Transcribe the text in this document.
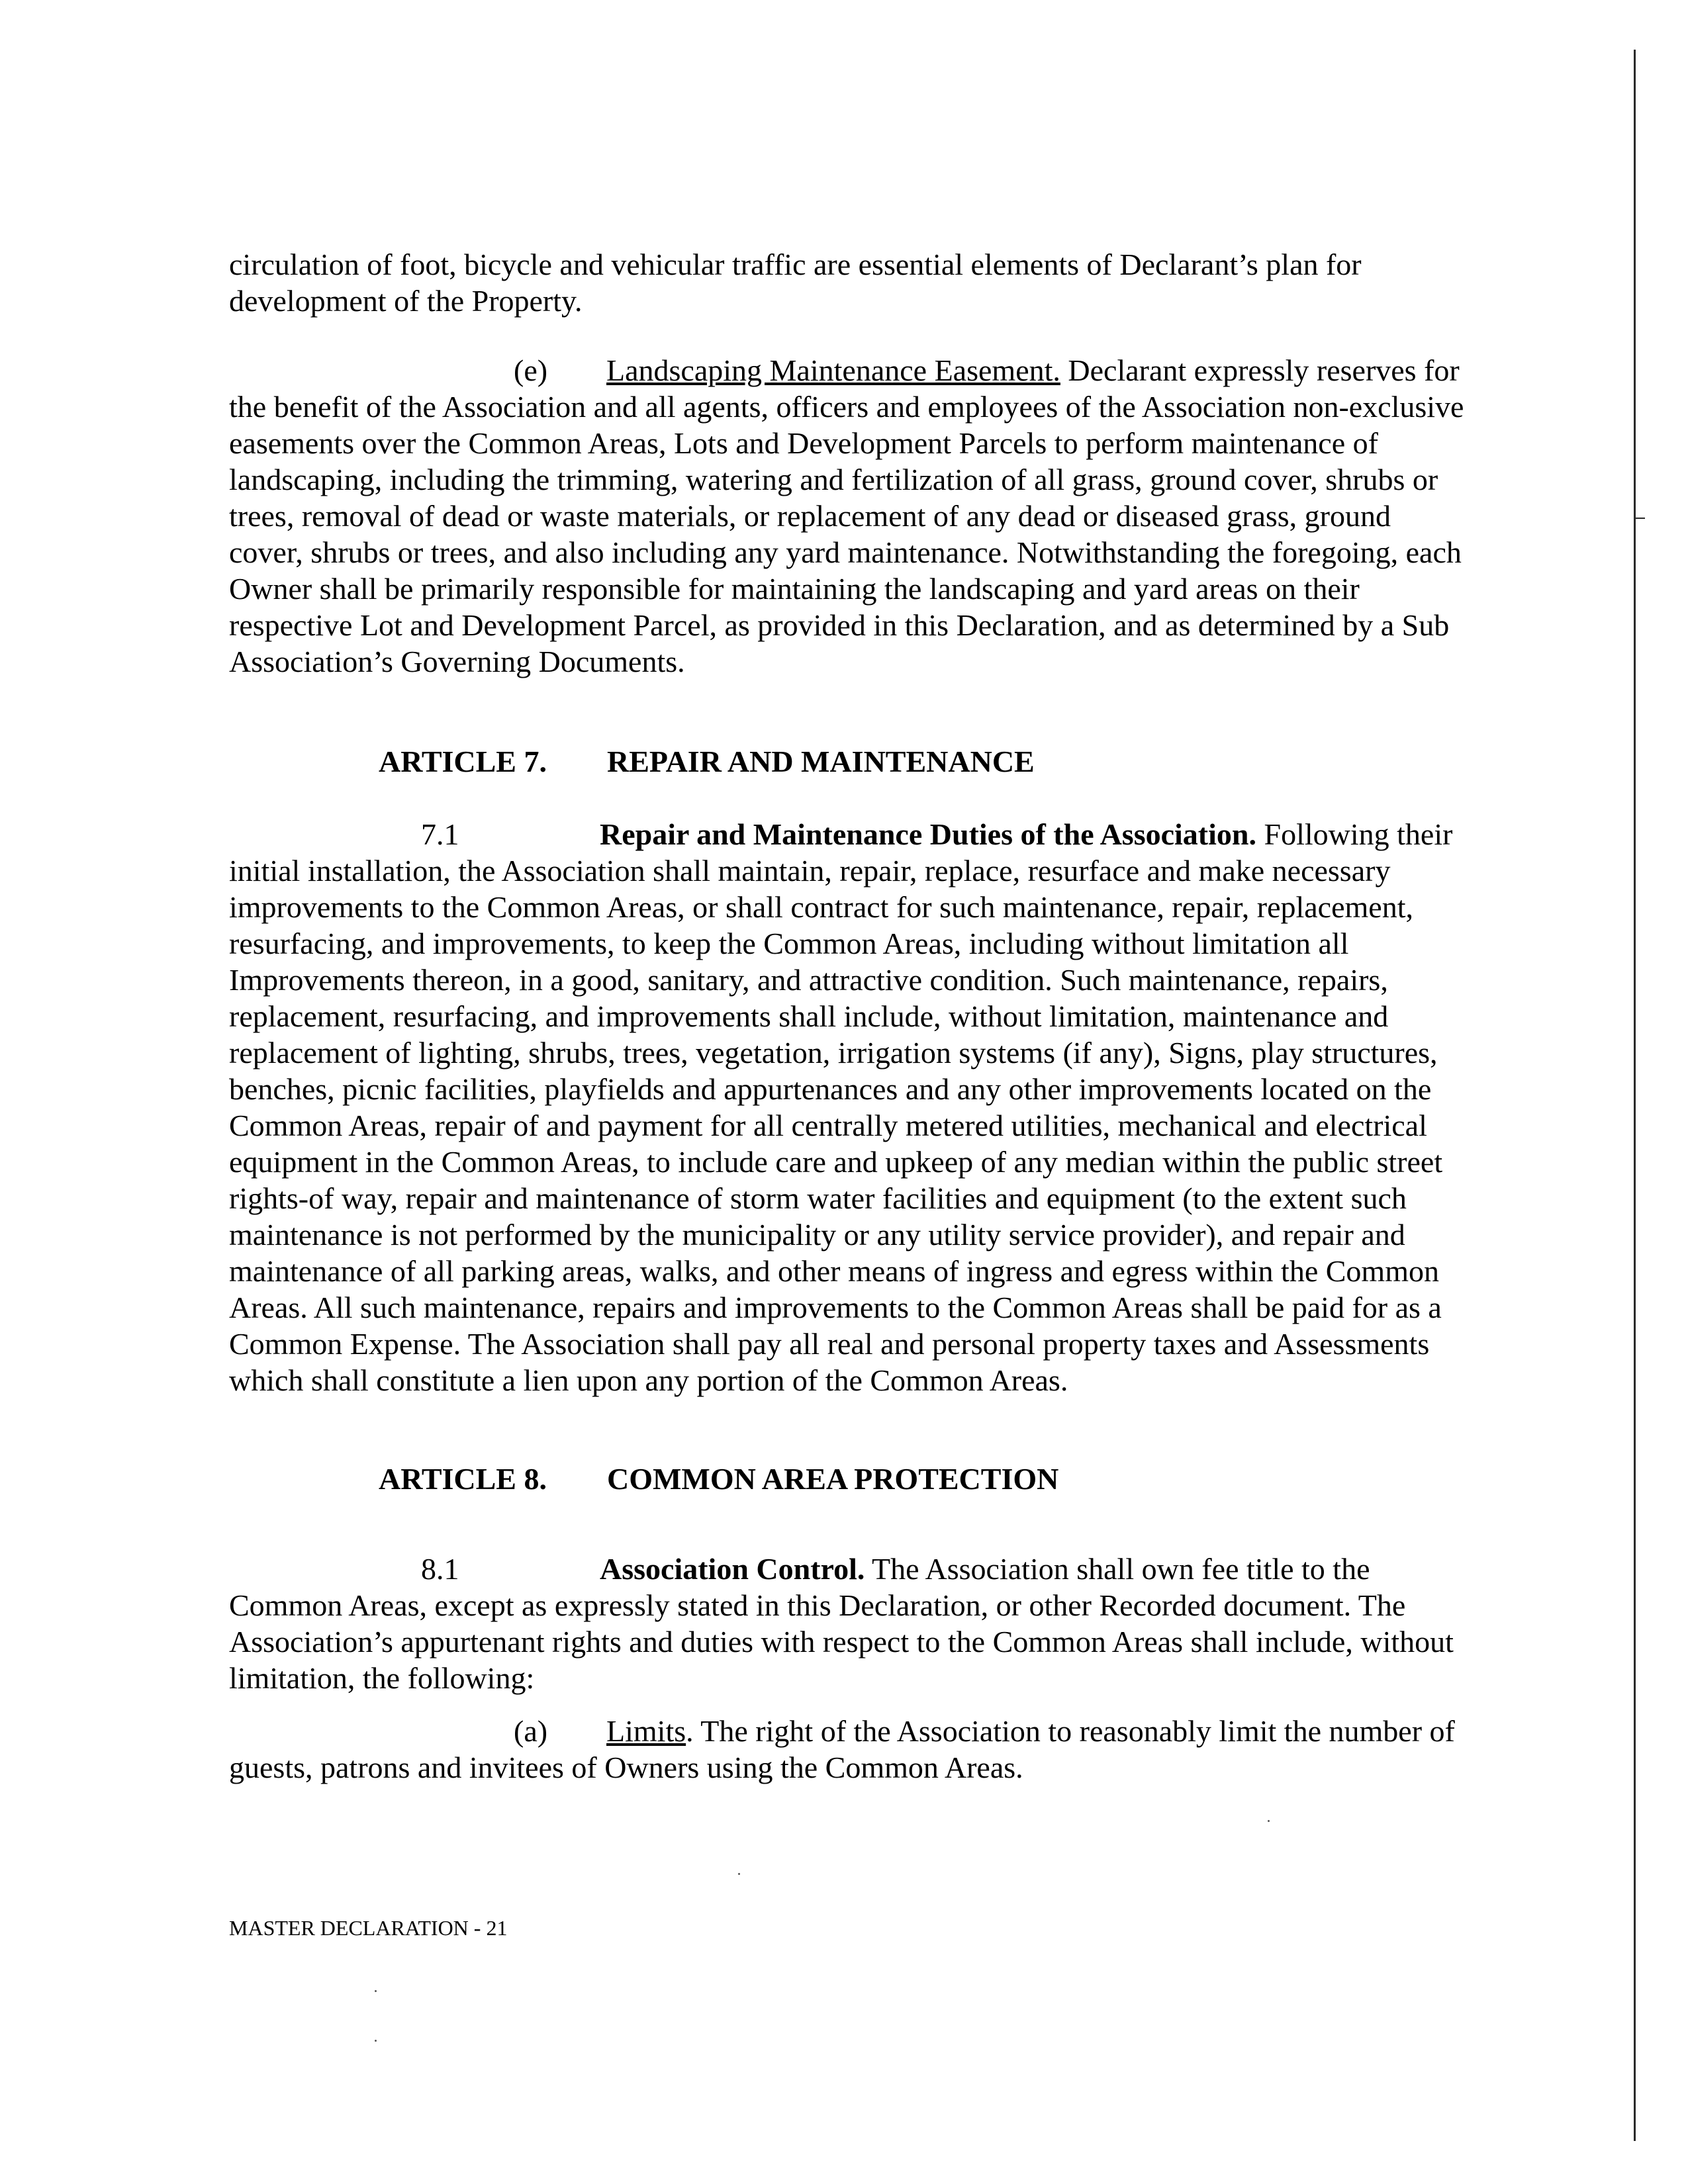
circulation of foot, bicycle and vehicular traffic are essential elements of Declarant’s plan for development of the Property.

(e) Landscaping Maintenance Easement. Declarant expressly reserves for the benefit of the Association and all agents, officers and employees of the Association non-exclusive easements over the Common Areas, Lots and Development Parcels to perform maintenance of landscaping, including the trimming, watering and fertilization of all grass, ground cover, shrubs or trees, removal of dead or waste materials, or replacement of any dead or diseased grass, ground cover, shrubs or trees, and also including any yard maintenance. Notwithstanding the foregoing, each Owner shall be primarily responsible for maintaining the landscaping and yard areas on their respective Lot and Development Parcel, as provided in this Declaration, and as determined by a Sub Association’s Governing Documents.

ARTICLE 7. REPAIR AND MAINTENANCE

7.1	Repair and Maintenance Duties of the Association. Following their initial installation, the Association shall maintain, repair, replace, resurface and make necessary improvements to the Common Areas, or shall contract for such maintenance, repair, replacement, resurfacing, and improvements, to keep the Common Areas, including without limitation all Improvements thereon, in a good, sanitary, and attractive condition. Such maintenance, repairs, replacement, resurfacing, and improvements shall include, without limitation, maintenance and replacement of lighting, shrubs, trees, vegetation, irrigation systems (if any), Signs, play structures, benches, picnic facilities, playfields and appurtenances and any other improvements located on the Common Areas, repair of and payment for all centrally metered utilities, mechanical and electrical equipment in the Common Areas, to include care and upkeep of any median within the public street rights-of way, repair and maintenance of storm water facilities and equipment (to the extent such maintenance is not performed by the municipality or any utility service provider), and repair and maintenance of all parking areas, walks, and other means of ingress and egress within the Common Areas. All such maintenance, repairs and improvements to the Common Areas shall be paid for as a Common Expense. The Association shall pay all real and personal property taxes and Assessments which shall constitute a lien upon any portion of the Common Areas.

ARTICLE 8. COMMON AREA PROTECTION

8.1	Association Control. The Association shall own fee title to the Common Areas, except as expressly stated in this Declaration, or other Recorded document. The Association’s appurtenant rights and duties with respect to the Common Areas shall include, without limitation, the following:

(a) Limits. The right of the Association to reasonably limit the number of guests, patrons and invitees of Owners using the Common Areas.

MASTER DECLARATION - 21
